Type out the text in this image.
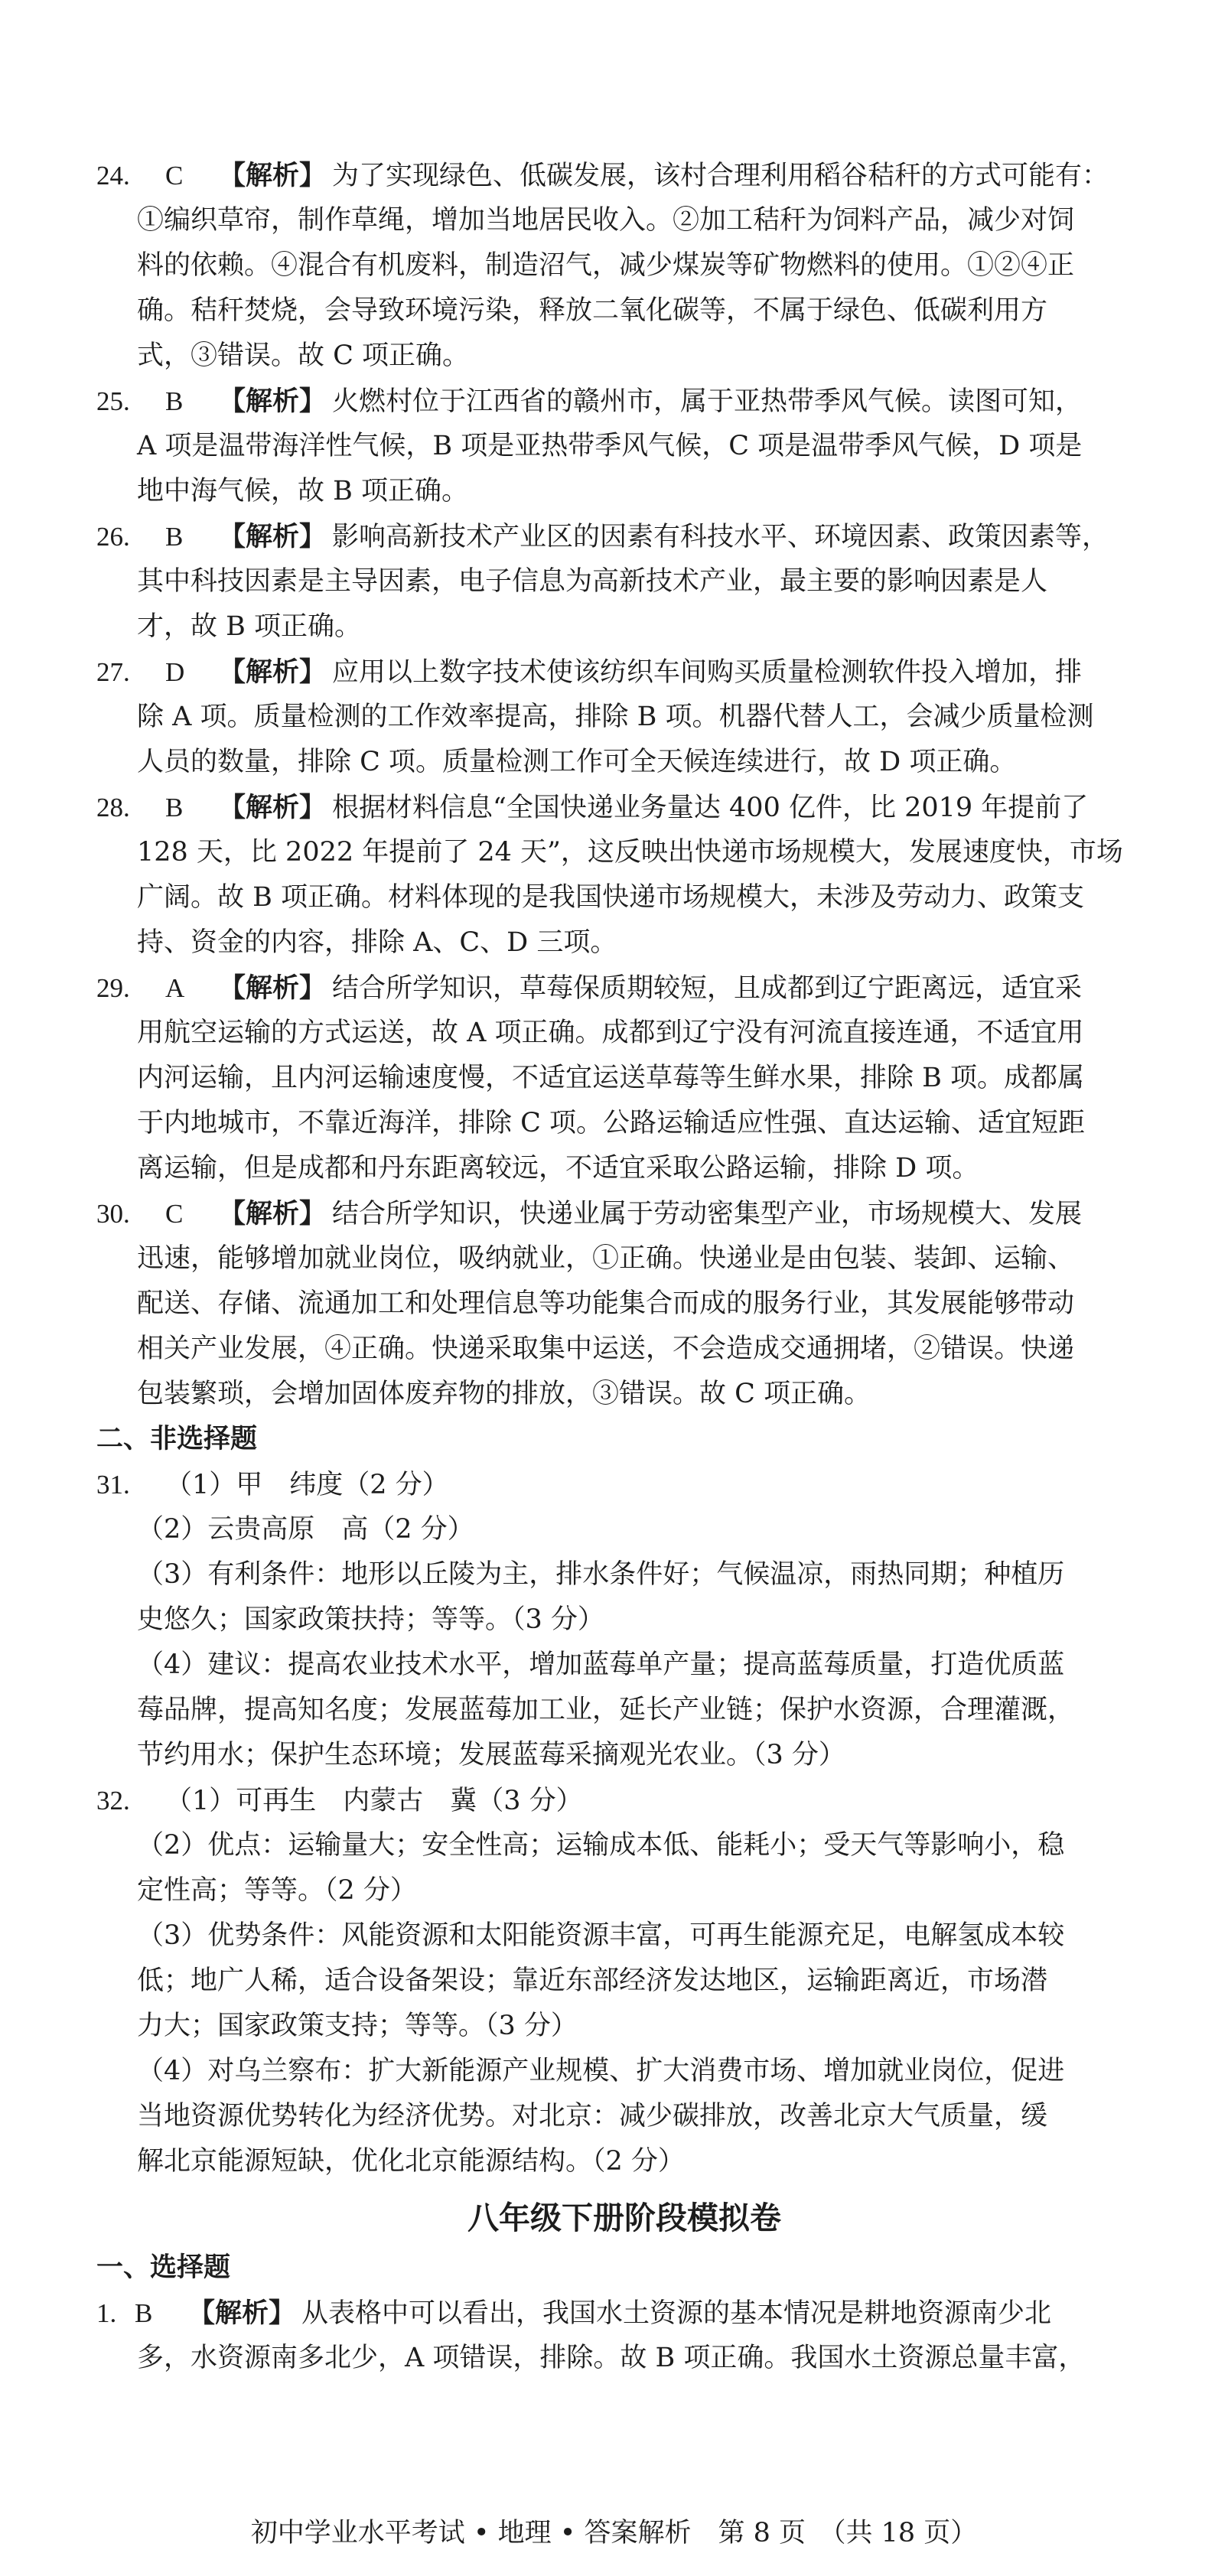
24. C 【解析】 为了实现绿色、低碳发展，该村合理利用稻谷秸秆的方式可能有：
①编织草帘，制作草绳，增加当地居民收入。②加工秸秆为饲料产品，减少对饲
料的依赖。④混合有机废料，制造沼气，减少煤炭等矿物燃料的使用。①②④正
确。秸秆焚烧，会导致环境污染，释放二氧化碳等，不属于绿色、低碳利用方
式，③错误。故 C 项正确。
25. B 【解析】 火燃村位于江西省的赣州市，属于亚热带季风气候。读图可知，
A 项是温带海洋性气候，B 项是亚热带季风气候，C 项是温带季风气候，D 项是
地中海气候，故 B 项正确。
26. B 【解析】 影响高新技术产业区的因素有科技水平、环境因素、政策因素等，
其中科技因素是主导因素，电子信息为高新技术产业，最主要的影响因素是人
才，故 B 项正确。
27. D 【解析】 应用以上数字技术使该纺织车间购买质量检测软件投入增加，排
除 A 项。质量检测的工作效率提高，排除 B 项。机器代替人工，会减少质量检测
人员的数量，排除 C 项。质量检测工作可全天候连续进行，故 D 项正确。
28. B 【解析】 根据材料信息“全国快递业务量达 400 亿件，比 2019 年提前了
128 天，比 2022 年提前了 24 天”，这反映出快递市场规模大，发展速度快，市场
广阔。故 B 项正确。材料体现的是我国快递市场规模大，未涉及劳动力、政策支
持、资金的内容，排除 A、C、D 三项。
29. A 【解析】 结合所学知识，草莓保质期较短，且成都到辽宁距离远，适宜采
用航空运输的方式运送，故 A 项正确。成都到辽宁没有河流直接连通，不适宜用
内河运输，且内河运输速度慢，不适宜运送草莓等生鲜水果，排除 B 项。成都属
于内地城市，不靠近海洋，排除 C 项。公路运输适应性强、直达运输、适宜短距
离运输，但是成都和丹东距离较远，不适宜采取公路运输，排除 D 项。
30. C 【解析】 结合所学知识，快递业属于劳动密集型产业，市场规模大、发展
迅速，能够增加就业岗位，吸纳就业，①正确。快递业是由包装、装卸、运输、
配送、存储、流通加工和处理信息等功能集合而成的服务行业，其发展能够带动
相关产业发展，④正确。快递采取集中运送，不会造成交通拥堵，②错误。快递
包装繁琐，会增加固体废弃物的排放，③错误。故 C 项正确。
二、非选择题
31. （1）甲　纬度（2 分）
（2）云贵高原　高（2 分）
（3）有利条件：地形以丘陵为主，排水条件好；气候温凉，雨热同期；种植历
史悠久；国家政策扶持；等等。（3 分）
（4）建议：提高农业技术水平，增加蓝莓单产量；提高蓝莓质量，打造优质蓝
莓品牌，提高知名度；发展蓝莓加工业，延长产业链；保护水资源，合理灌溉，
节约用水；保护生态环境；发展蓝莓采摘观光农业。（3 分）
32. （1）可再生　内蒙古　冀（3 分）
（2）优点：运输量大；安全性高；运输成本低、能耗小；受天气等影响小，稳
定性高；等等。（2 分）
（3）优势条件：风能资源和太阳能资源丰富，可再生能源充足，电解氢成本较
低；地广人稀，适合设备架设；靠近东部经济发达地区，运输距离近，市场潜
力大；国家政策支持；等等。（3 分）
（4）对乌兰察布：扩大新能源产业规模、扩大消费市场、增加就业岗位，促进
当地资源优势转化为经济优势。对北京：减少碳排放，改善北京大气质量，缓
解北京能源短缺，优化北京能源结构。（2 分）
八年级下册阶段模拟卷
一、选择题
1. B 【解析】 从表格中可以看出，我国水土资源的基本情况是耕地资源南少北
多，水资源南多北少，A 项错误，排除。故 B 项正确。我国水土资源总量丰富，
初中学业水平考试 • 地理 • 答案解析　第 8 页　（共 18 页）
